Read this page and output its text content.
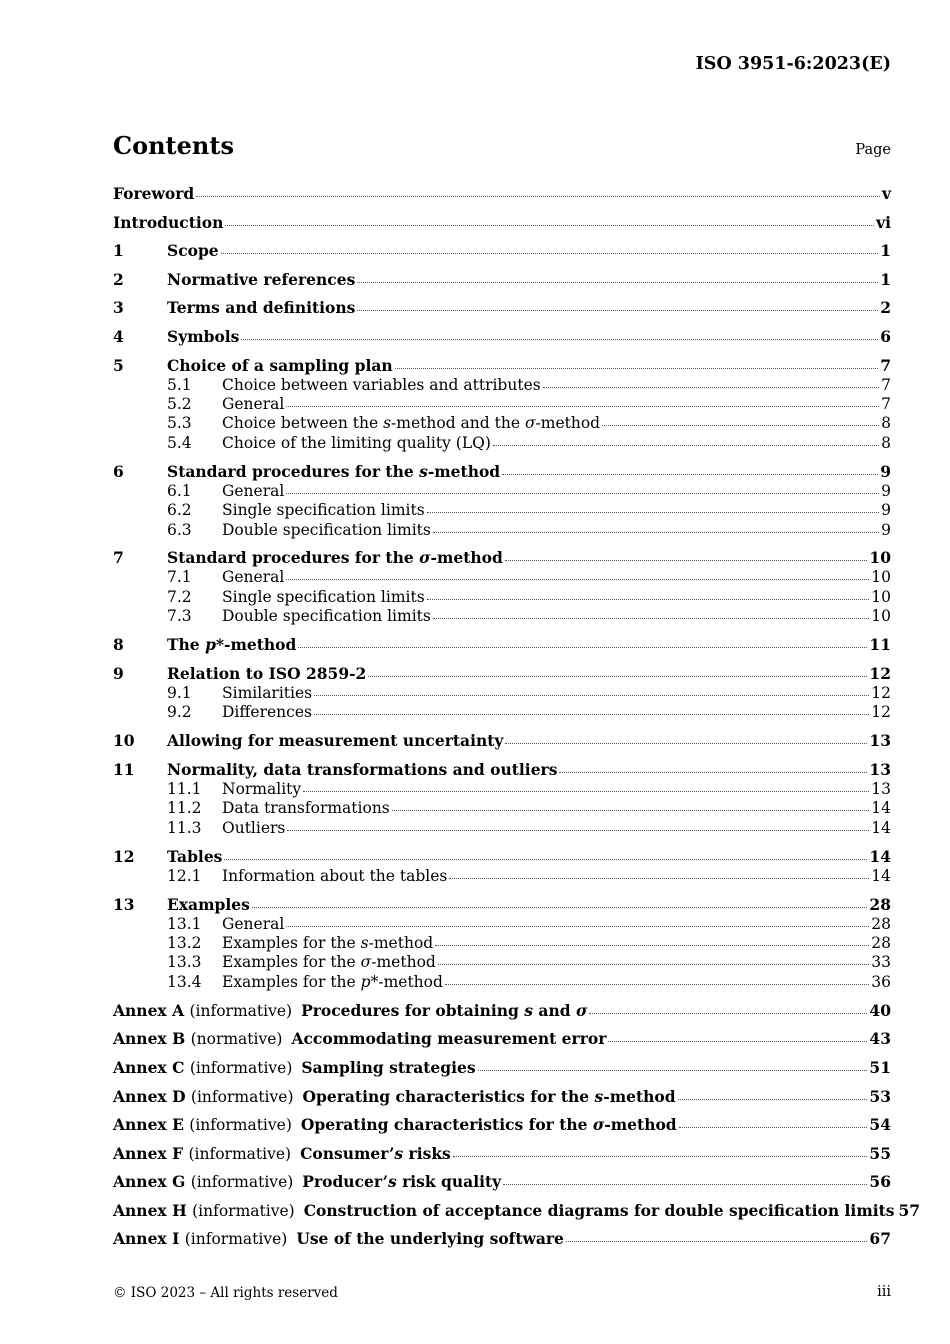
ISO 3951-6:2023(E)
Contents	Page
Foreword	v
Introduction	vi
1	Scope	1
2	Normative references	1
3	Terms and definitions	2
4	Symbols	6
5	Choice of a sampling plan	7
5.1	Choice between variables and attributes	7
5.2	General	7
5.3	Choice between the s-method and the σ-method	8
5.4	Choice of the limiting quality (LQ)	8
6	Standard procedures for the s-method	9
6.1	General	9
6.2	Single specification limits	9
6.3	Double specification limits	9
7	Standard procedures for the σ-method	10
7.1	General	10
7.2	Single specification limits	10
7.3	Double specification limits	10
8	The p*-method	11
9	Relation to ISO 2859-2	12
9.1	Similarities	12
9.2	Differences	12
10	Allowing for measurement uncertainty	13
11	Normality, data transformations and outliers	13
11.1	Normality	13
11.2	Data transformations	14
11.3	Outliers	14
12	Tables	14
12.1	Information about the tables	14
13	Examples	28
13.1	General	28
13.2	Examples for the s-method	28
13.3	Examples for the σ-method	33
13.4	Examples for the p*-method	36
Annex A (informative) Procedures for obtaining s and σ	40
Annex B (normative) Accommodating measurement error	43
Annex C (informative) Sampling strategies	51
Annex D (informative) Operating characteristics for the s-method	53
Annex E (informative) Operating characteristics for the σ-method	54
Annex F (informative) Consumer’s risks	55
Annex G (informative) Producer’s risk quality	56
Annex H (informative) Construction of acceptance diagrams for double specification limits 57
Annex I (informative) Use of the underlying software	67
© ISO 2023 – All rights reserved	iii
